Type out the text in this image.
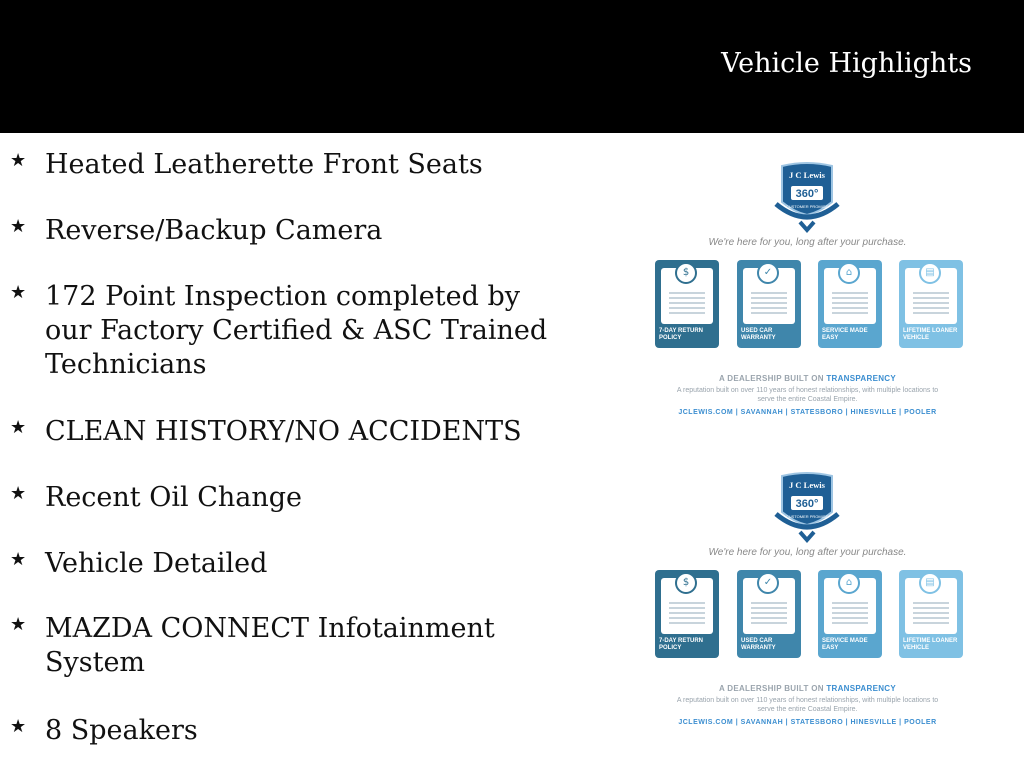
Vehicle Highlights
★ Heated Leatherette Front Seats
★ Reverse/Backup Camera
★ 172 Point Inspection completed by our Factory Certified & ASC Trained Technicians
★ CLEAN HISTORY/NO ACCIDENTS
★ Recent Oil Change
★ Vehicle Detailed
★ MAZDA CONNECT Infotainment System
★ 8 Speakers
J C Lewis
360°
CUSTOMER PROMISE
We're here for you, long after your purchase.
$
7-DAY RETURN
POLICY
✓
USED CAR
WARRANTY
⌂
SERVICE MADE
EASY
▤
LIFETIME LOANER
VEHICLE
A DEALERSHIP BUILT ON TRANSPARENCY
A reputation built on over 110 years of honest relationships, with multiple locations to serve the entire Coastal Empire.
JCLEWIS.COM | SAVANNAH | STATESBORO | HINESVILLE | POOLER
J C Lewis
360°
CUSTOMER PROMISE
We're here for you, long after your purchase.
$
7-DAY RETURN
POLICY
✓
USED CAR
WARRANTY
⌂
SERVICE MADE
EASY
▤
LIFETIME LOANER
VEHICLE
A DEALERSHIP BUILT ON TRANSPARENCY
A reputation built on over 110 years of honest relationships, with multiple locations to serve the entire Coastal Empire.
JCLEWIS.COM | SAVANNAH | STATESBORO | HINESVILLE | POOLER
